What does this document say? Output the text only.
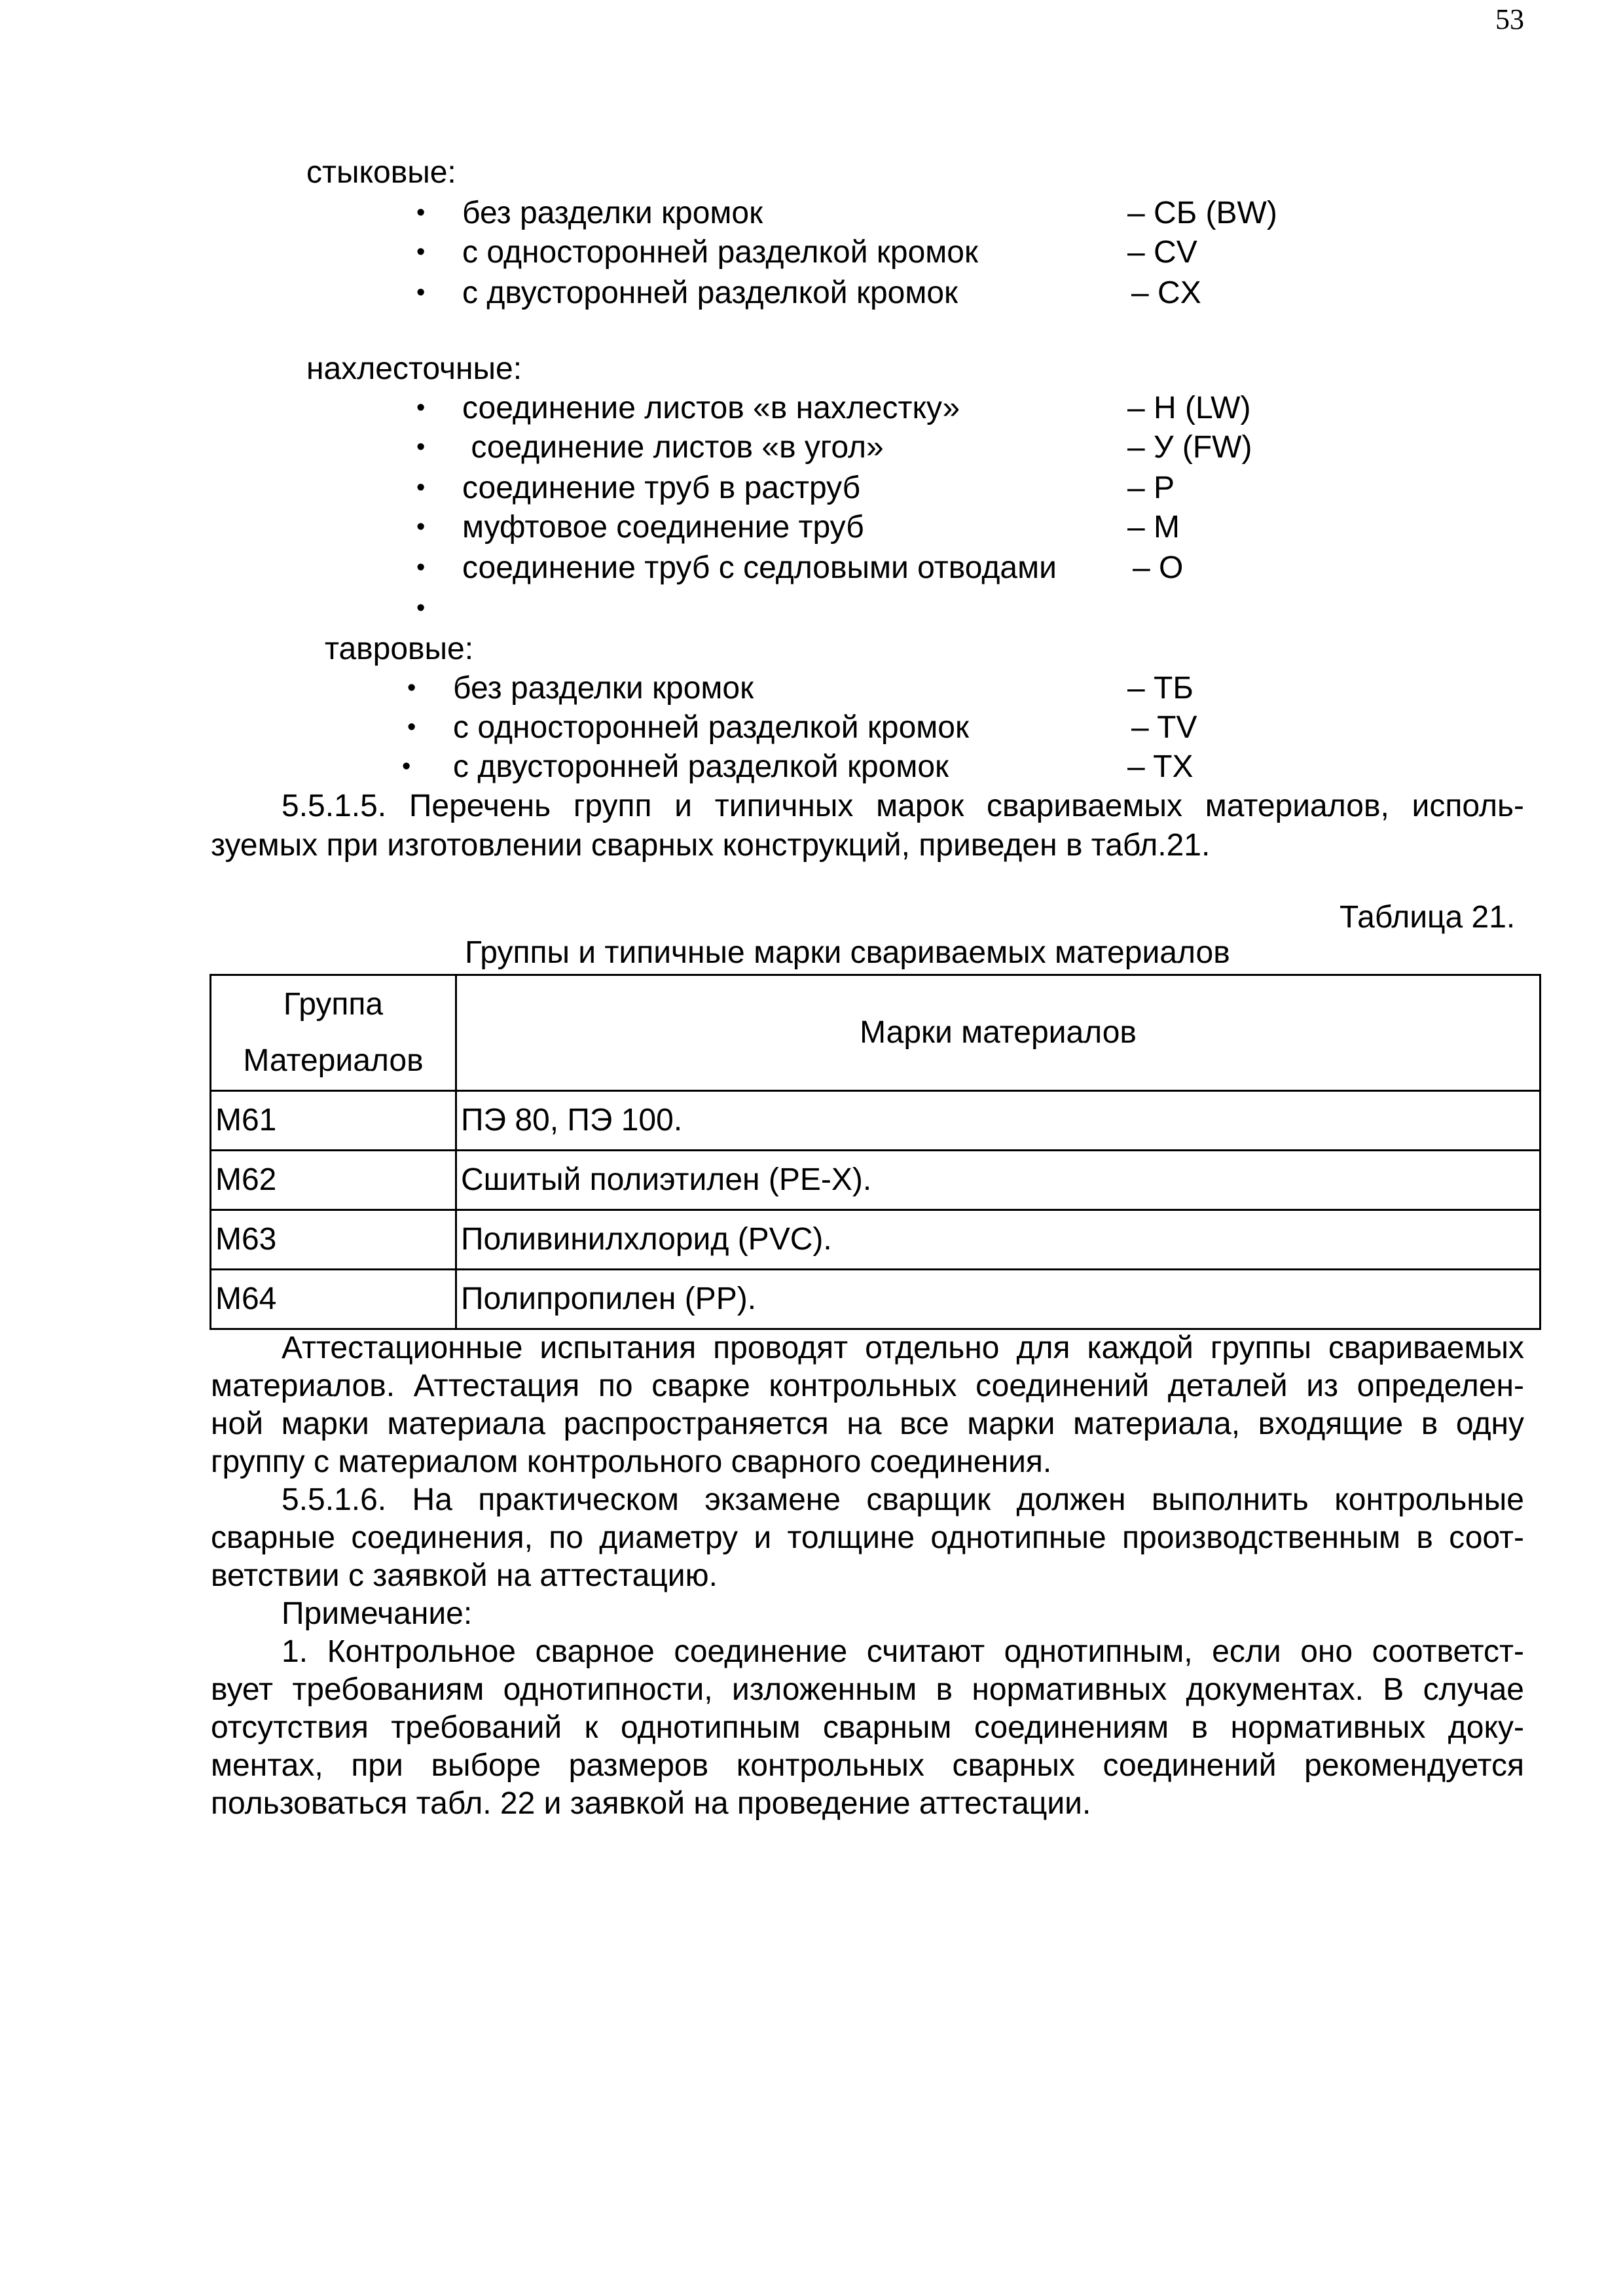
53
стыковые:
• без разделки кромок	– СБ (BW)
• с односторонней разделкой кромок	– CV
• с двусторонней разделкой кромок	– CX
нахлесточные:
• соединение листов «в нахлестку»	– Н (LW)
• соединение листов «в угол»	– У (FW)
• соединение труб в раструб	– Р
• муфтовое соединение труб	– М
• соединение труб с седловыми отводами – О
•
тавровые:
• без разделки кромок	– ТБ
• с односторонней разделкой кромок	– TV
• с двусторонней разделкой кромок	– TX
5.5.1.5. Перечень групп и типичных марок свариваемых материалов, исполь-
зуемых при изготовлении сварных конструкций, приведен в табл.21.
Таблица 21.
Группы и типичные марки свариваемых материалов
Группа
Материалов	Марки материалов
М61	ПЭ 80, ПЭ 100.
М62	Сшитый полиэтилен (PE-X).
М63	Поливинилхлорид (PVC).
М64	Полипропилен (PP).
Аттестационные испытания проводят отдельно для каждой группы свариваемых
материалов. Аттестация по сварке контрольных соединений деталей из определен-
ной марки материала распространяется на все марки материала, входящие в одну
группу с материалом контрольного сварного соединения.
5.5.1.6. На практическом экзамене сварщик должен выполнить контрольные
сварные соединения, по диаметру и толщине однотипные производственным в соот-
ветствии с заявкой на аттестацию.
Примечание:
1. Контрольное сварное соединение считают однотипным, если оно соответст-
вует требованиям однотипности, изложенным в нормативных документах. В случае
отсутствия требований к однотипным сварным соединениям в нормативных доку-
ментах, при выборе размеров контрольных сварных соединений рекомендуется
пользоваться табл. 22 и заявкой на проведение аттестации.
